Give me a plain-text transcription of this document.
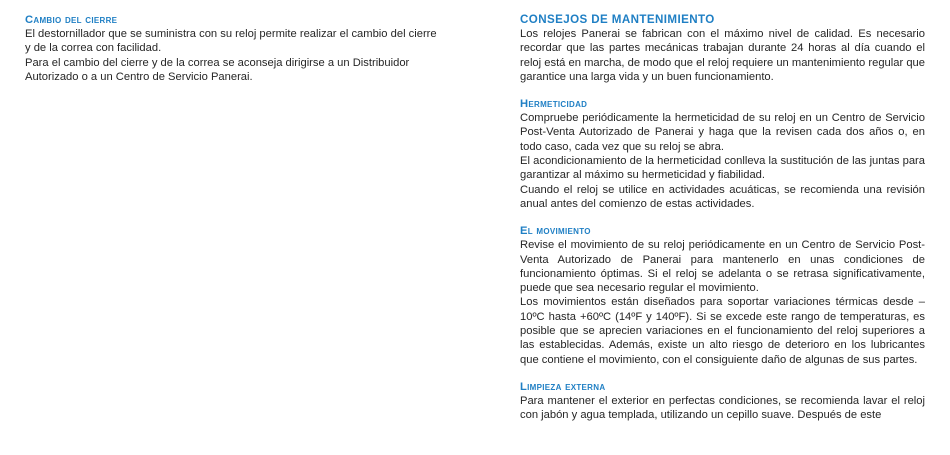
Cambio del cierre

El destornillador que se suministra con su reloj permite realizar el cambio del cierre y de la correa con facilidad.

Para el cambio del cierre y de la correa se aconseja dirigirse a un Distribuidor Autorizado o a un Centro de Servicio Panerai.

CONSEJOS DE MANTENIMIENTO

Los relojes Panerai se fabrican con el máximo nivel de calidad. Es necesario recordar que las partes mecánicas trabajan durante 24 horas al día cuando el reloj está en marcha, de modo que el reloj requiere un mantenimiento regular que garantice una larga vida y un buen funcionamiento.

Hermeticidad

Compruebe periódicamente la hermeticidad de su reloj en un Centro de Servicio Post-Venta Autorizado de Panerai y haga que la revisen cada dos años o, en todo caso, cada vez que su reloj se abra.

El acondicionamiento de la hermeticidad conlleva la sustitución de las juntas para garantizar al máximo su hermeticidad y fiabilidad.

Cuando el reloj se utilice en actividades acuáticas, se recomienda una revisión anual antes del comienzo de estas actividades.

El movimiento

Revise el movimiento de su reloj periódicamente en un Centro de Servicio Post-Venta Autorizado de Panerai para mantenerlo en unas condiciones de funcionamiento óptimas. Si el reloj se adelanta o se retrasa significativamente, puede que sea necesario regular el movimiento.

Los movimientos están diseñados para soportar variaciones térmicas desde –10ºC hasta +60ºC (14ºF y 140ºF). Si se excede este rango de temperaturas, es posible que se aprecien variaciones en el funcionamiento del reloj superiores a las establecidas. Además, existe un alto riesgo de deterioro en los lubricantes que contiene el movimiento, con el consiguiente daño de algunas de sus partes.

Limpieza externa

Para mantener el exterior en perfectas condiciones, se recomienda lavar el reloj con jabón y agua templada, utilizando un cepillo suave. Después de este
